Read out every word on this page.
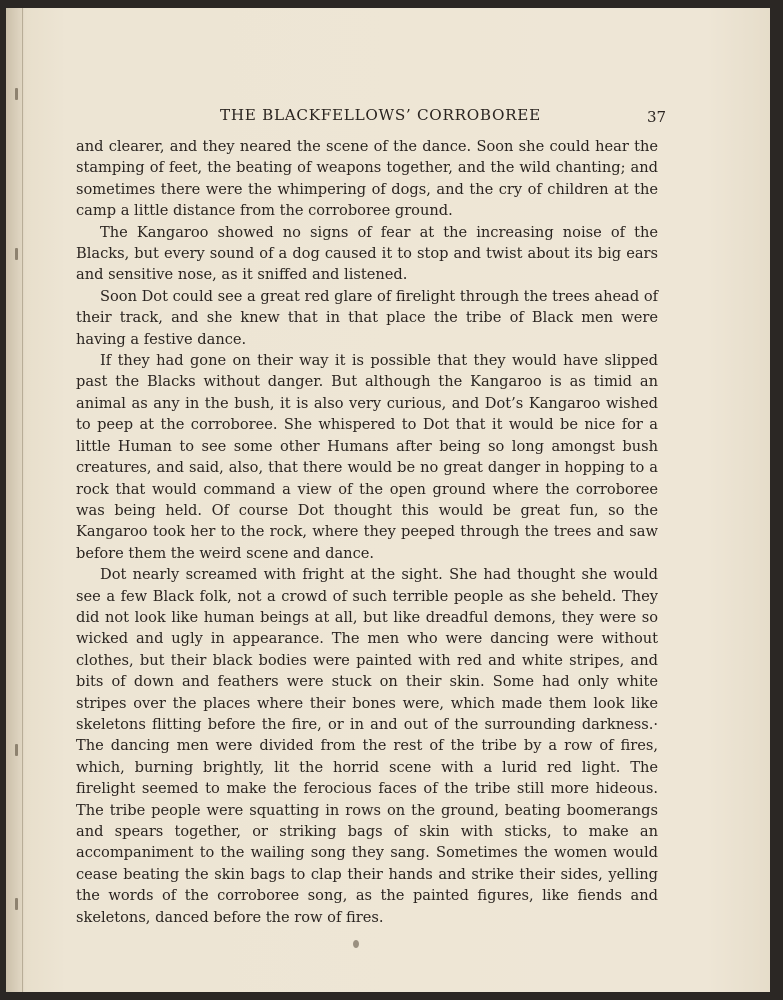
THE BLACKFELLOWS’ CORROBOREE	37

and clearer, and they neared the scene of the dance. Soon she could hear the stamping of feet, the beating of weapons together, and the wild chanting; and sometimes there were the whimpering of dogs, and the cry of children at the camp a little distance from the corroboree ground.

The Kangaroo showed no signs of fear at the increasing noise of the Blacks, but every sound of a dog caused it to stop and twist about its big ears and sensitive nose, as it sniffed and listened.

Soon Dot could see a great red glare of firelight through the trees ahead of their track, and she knew that in that place the tribe of Black men were having a festive dance.

If they had gone on their way it is possible that they would have slipped past the Blacks without danger. But although the Kangaroo is as timid an animal as any in the bush, it is also very curious, and Dot’s Kangaroo wished to peep at the corroboree. She whispered to Dot that it would be nice for a little Human to see some other Humans after being so long amongst bush creatures, and said, also, that there would be no great danger in hopping to a rock that would command a view of the open ground where the corroboree was being held. Of course Dot thought this would be great fun, so the Kangaroo took her to the rock, where they peeped through the trees and saw before them the weird scene and dance.

Dot nearly screamed with fright at the sight. She had thought she would see a few Black folk, not a crowd of such terrible people as she beheld. They did not look like human beings at all, but like dreadful demons, they were so wicked and ugly in appearance. The men who were dancing were without clothes, but their black bodies were painted with red and white stripes, and bits of down and feathers were stuck on their skin. Some had only white stripes over the places where their bones were, which made them look like skeletons flitting before the fire, or in and out of the surrounding darkness.· The dancing men were divided from the rest of the tribe by a row of fires, which, burning brightly, lit the horrid scene with a lurid red light. The firelight seemed to make the ferocious faces of the tribe still more hideous. The tribe people were squatting in rows on the ground, beating boomerangs and spears together, or striking bags of skin with sticks, to make an accompaniment to the wailing song they sang. Sometimes the women would cease beating the skin bags to clap their hands and strike their sides, yelling the words of the corroboree song, as the painted figures, like fiends and skeletons, danced before the row of fires.
